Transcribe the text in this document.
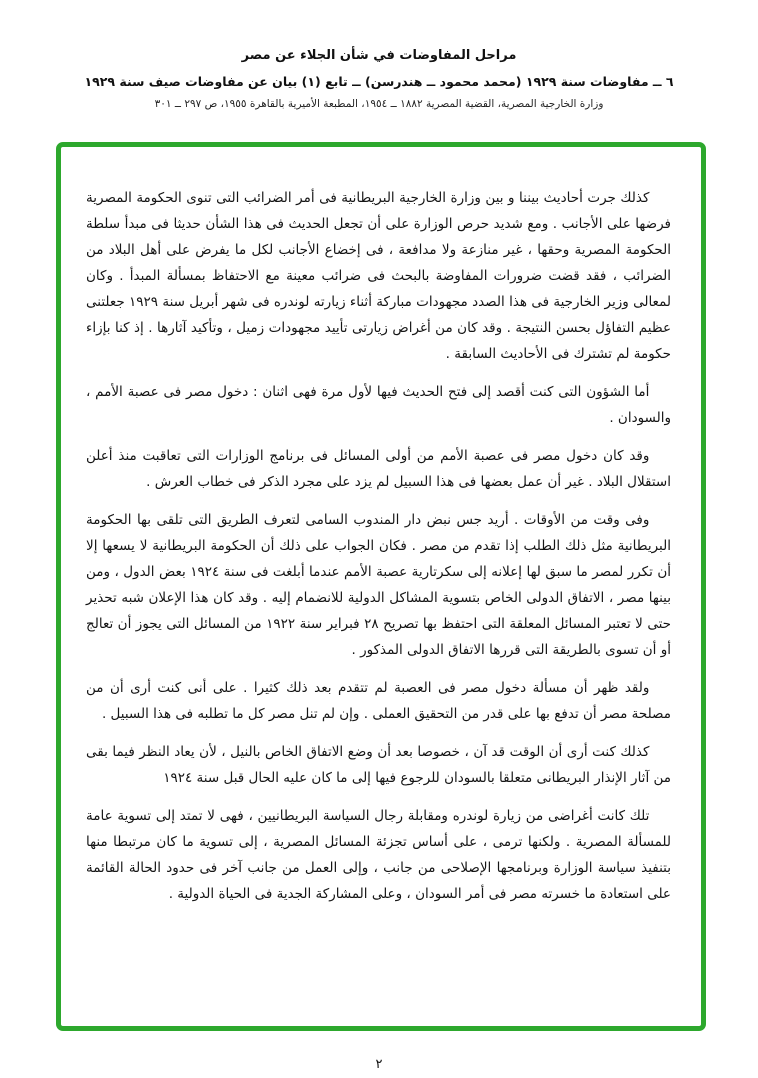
مراحل المفاوضات في شأن الجلاء عن مصر
٦ ــ مفاوضات سنة ١٩٢٩ (محمد محمود ــ هندرسن) ــ تابع (١) بيان عن مفاوضات صيف سنة ١٩٢٩
وزارة الخارجية المصرية، القضية المصرية ١٨٨٢ ــ ١٩٥٤، المطبعة الأميرية بالقاهرة ١٩٥٥، ص ٢٩٧ ــ ٣٠١

كذلك جرت أحاديث بيننا و بين وزارة الخارجية البريطانية فى أمر الضرائب التى تنوى الحكومة المصرية فرضها على الأجانب . ومع شديد حرص الوزارة على أن تجعل الحديث فى هذا الشأن حديثا فى مبدأ سلطة الحكومة المصرية وحقها ، غير منازعة ولا مدافعة ، فى إخضاع الأجانب لكل ما يفرض على أهل البلاد من الضرائب ، فقد قضت ضرورات المفاوضة بالبحث فى ضرائب معينة مع الاحتفاظ بمسألة المبدأ . وكان لمعالى وزير الخارجية فى هذا الصدد مجهودات مباركة أثناء زيارته لوندره فى شهر أبريل سنة ١٩٢٩ جعلتنى عظيم التفاؤل بحسن النتيجة . وقد كان من أغراض زيارتى تأييد مجهودات زميل ، وتأكيد آثارها . إذ كنا بإزاء حكومة لم تشترك فى الأحاديث السابقة .

أما الشؤون التى كنت أقصد إلى فتح الحديث فيها لأول مرة فهى اثنان : دخول مصر فى عصبة الأمم ، والسودان .

وقد كان دخول مصر فى عصبة الأمم من أولى المسائل فى برنامج الوزارات التى تعاقبت منذ أعلن استقلال البلاد . غير أن عمل بعضها فى هذا السبيل لم يزد على مجرد الذكر فى خطاب العرش .

وفى وقت من الأوقات . أريد جس نبض دار المندوب السامى لتعرف الطريق التى تلقى بها الحكومة البريطانية مثل ذلك الطلب إذا تقدم من مصر . فكان الجواب على ذلك أن الحكومة البريطانية لا يسعها إلا أن تكرر لمصر ما سبق لها إعلانه إلى سكرتارية عصبة الأمم عندما أبلغت فى سنة ١٩٢٤ بعض الدول ، ومن بينها مصر ، الاتفاق الدولى الخاص بتسوية المشاكل الدولية للانضمام إليه . وقد كان هذا الإعلان شبه تحذير حتى لا تعتبر المسائل المعلقة التى احتفظ بها تصريح ٢٨ فبراير سنة ١٩٢٢ من المسائل التى يجوز أن تعالج أو أن تسوى بالطريقة التى قررها الاتفاق الدولى المذكور .

ولقد ظهر أن مسألة دخول مصر فى العصبة لم تتقدم بعد ذلك كثيرا . على أنى كنت أرى أن من مصلحة مصر أن تدفع بها على قدر من التحقيق العملى . وإن لم تنل مصر كل ما تطلبه فى هذا السبيل .

كذلك كنت أرى أن الوقت قد آن ، خصوصا بعد أن وضع الاتفاق الخاص بالنيل ، لأن يعاد النظر فيما بقى من آثار الإنذار البريطانى متعلقا بالسودان للرجوع فيها إلى ما كان عليه الحال قبل سنة ١٩٢٤

تلك كانت أغراضى من زيارة لوندره ومقابلة رجال السياسة البريطانيين ، فهى لا تمتد إلى تسوية عامة للمسألة المصرية . ولكنها ترمى ، على أساس تجزئة المسائل المصرية ، إلى تسوية ما كان مرتبطا منها بتنفيذ سياسة الوزارة وبرنامجها الإصلاحى من جانب ، وإلى العمل من جانب آخر فى حدود الحالة القائمة على استعادة ما خسرته مصر فى أمر السودان ، وعلى المشاركة الجدية فى الحياة الدولية .

٢
